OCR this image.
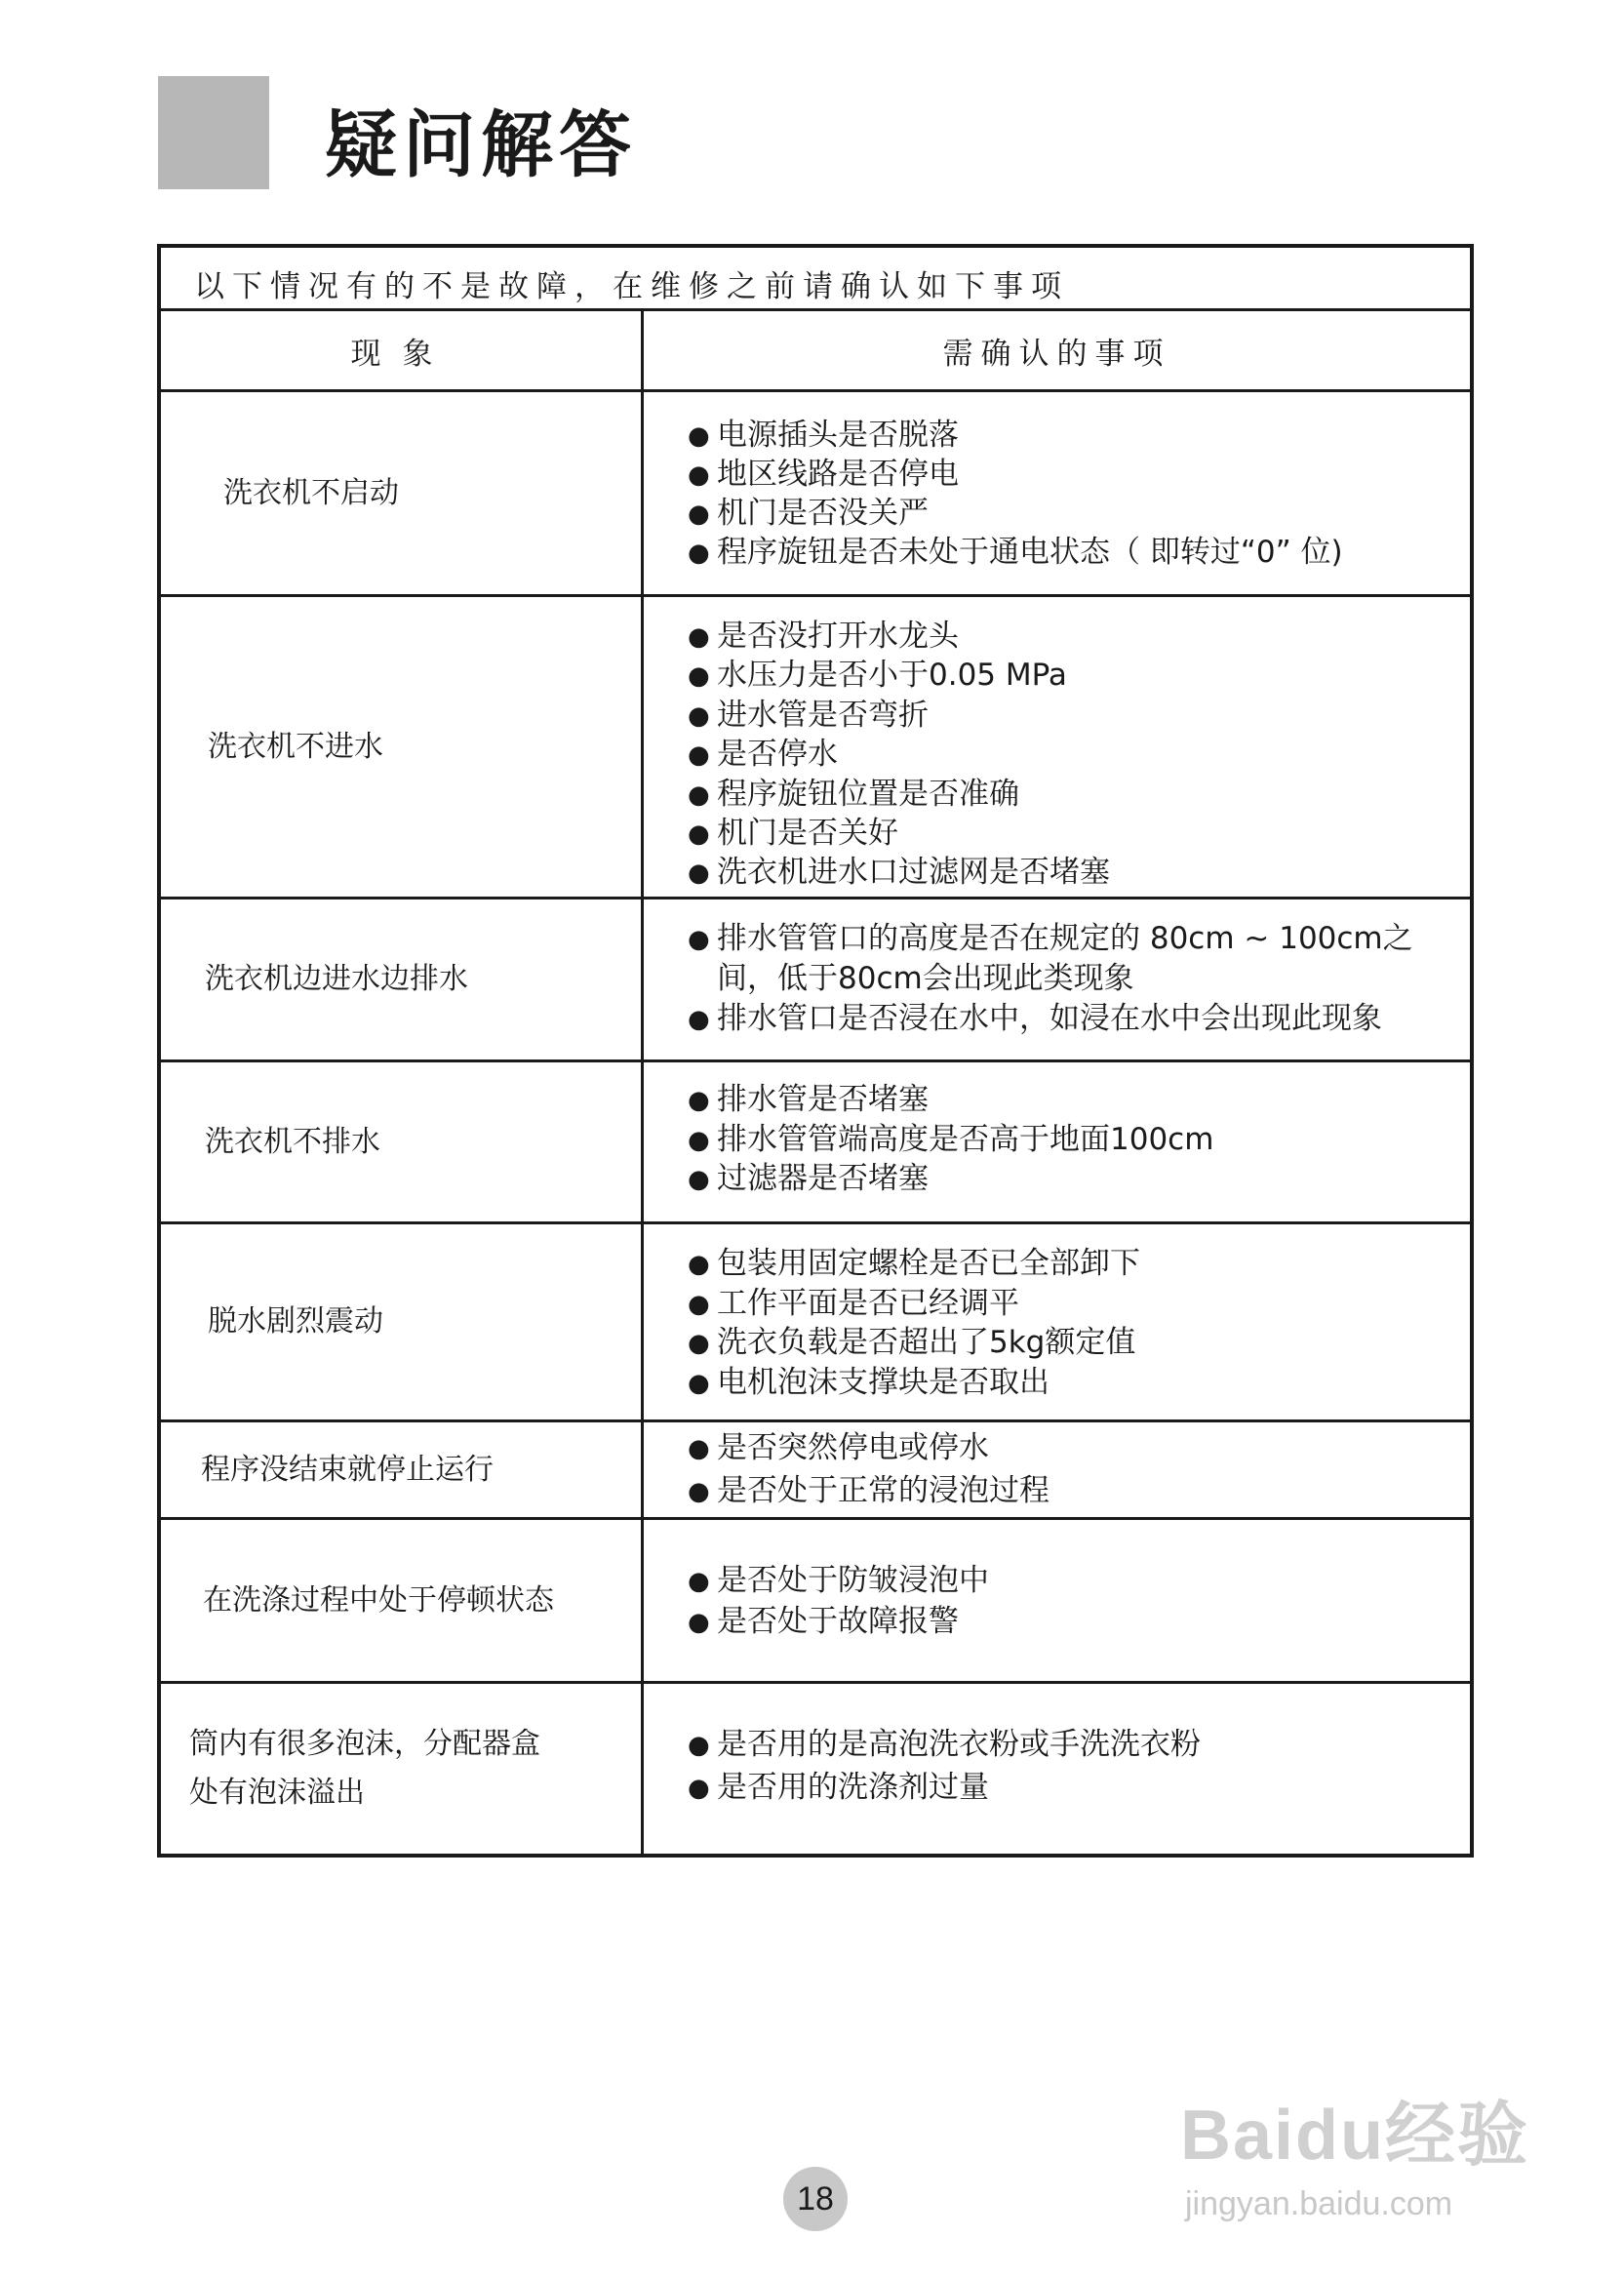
疑问解答
以下情况有的不是故障，在维修之前请确认如下事项
现象	需确认的事项
洗衣机不启动
● 电源插头是否脱落
● 地区线路是否停电
● 机门是否没关严
● 程序旋钮是否未处于通电状态（ 即转过“0” 位)
洗衣机不进水
● 是否没打开水龙头
● 水压力是否小于0.05 MPa
● 进水管是否弯折
● 是否停水
● 程序旋钮位置是否准确
● 机门是否关好
● 洗衣机进水口过滤网是否堵塞
洗衣机边进水边排水
● 排水管管口的高度是否在规定的 80cm ~ 100cm之
间，低于80cm会出现此类现象
● 排水管口是否浸在水中，如浸在水中会出现此现象
洗衣机不排水
● 排水管是否堵塞
● 排水管管端高度是否高于地面100cm
● 过滤器是否堵塞
脱水剧烈震动
● 包装用固定螺栓是否已全部卸下
● 工作平面是否已经调平
● 洗衣负载是否超出了5kg额定值
● 电机泡沫支撑块是否取出
程序没结束就停止运行
● 是否突然停电或停水
● 是否处于正常的浸泡过程
在洗涤过程中处于停顿状态
● 是否处于防皱浸泡中
● 是否处于故障报警
筒内有很多泡沫，分配器盒
处有泡沫溢出
● 是否用的是高泡洗衣粉或手洗洗衣粉
● 是否用的洗涤剂过量
18
Baidu经验
jingyan.baidu.com
